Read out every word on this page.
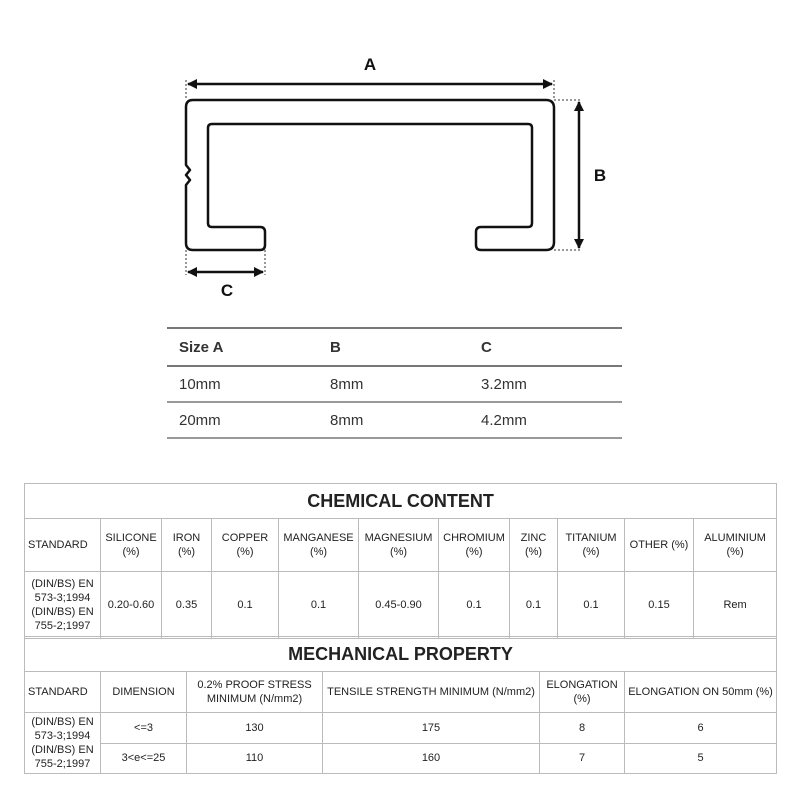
A
B
C
Size A	B	C
10mm	8mm	3.2mm
20mm	8mm	4.2mm
CHEMICAL CONTENT										
STANDARD	SILICONE (%)	IRON (%)	COPPER (%)	MANGANESE (%)	MAGNESIUM (%)	CHROMIUM (%)	ZINC (%)	TITANIUM (%)	OTHER (%)	ALUMINIUM (%)

(DIN/BS) EN
573-3;1994
(DIN/BS) EN
755-2;1997	0.20-0.60	0.35	0.1	0.1	0.45-0.90	0.1	0.1	0.1	0.15	Rem
MECHANICAL PROPERTY					
STANDARD	DIMENSION	0.2% PROOF STRESS MINIMUM (N/mm2)	TENSILE STRENGTH MINIMUM (N/mm2)	ELONGATION (%)	ELONGATION ON 50mm (%)

(DIN/BS) EN
573-3;1994
(DIN/BS) EN
755-2;1997	<=3	130	175	8	6
	3<e<=25	110	160	7	5
